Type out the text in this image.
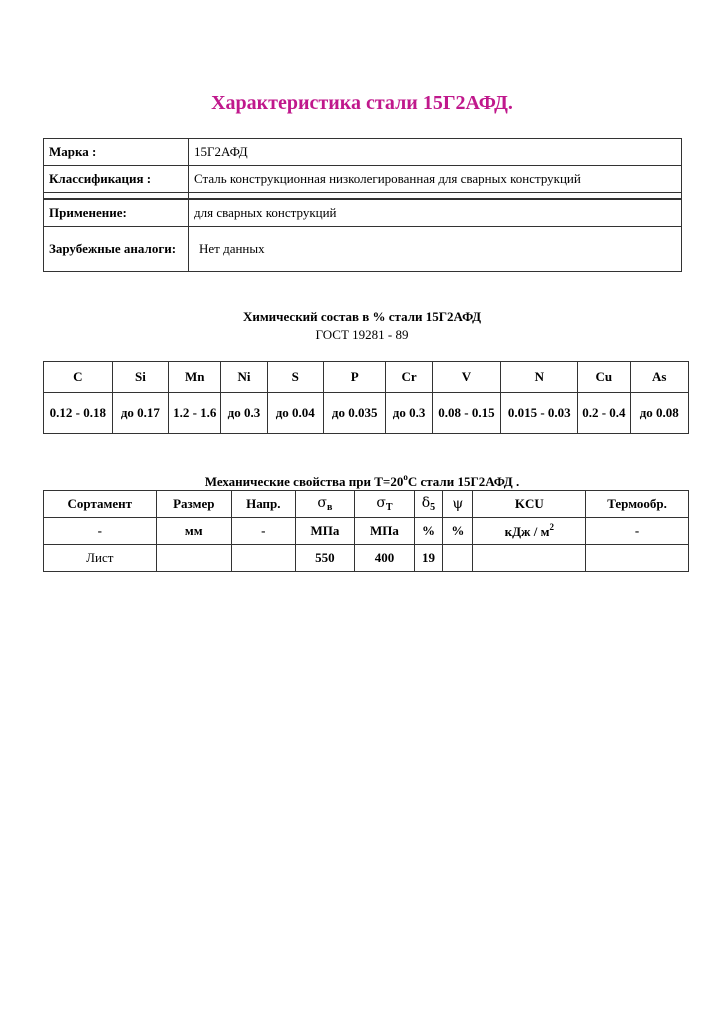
Характеристика стали 15Г2АФД.
Марка :	15Г2АФД
Классификация :	Сталь конструкционная низколегированная для сварных конструкций

Применение:	для сварных конструкций
Зарубежные аналоги:	Нет данных
Химический состав в % стали 15Г2АФД
ГОСТ 19281 - 89
C	Si	Mn	Ni	S	P	Cr	V	N	Cu	As
0.12 - 0.18	до 0.17	1.2 - 1.6	до 0.3	до 0.04	до 0.035	до 0.3	0.08 - 0.15	0.015 - 0.03	0.2 - 0.4	до 0.08
Механические свойства при $Т=20^oС$ стали 15Г2АФД .
Сортамент	Размер	Напр.	$\sigma_в$	$\sigma_T$	$\delta_5$	ψ	KCU	Термообр.
-	мм	-	МПа	МПа	%	%	кДж / $м^2$	-
Лист			550	400	19			
